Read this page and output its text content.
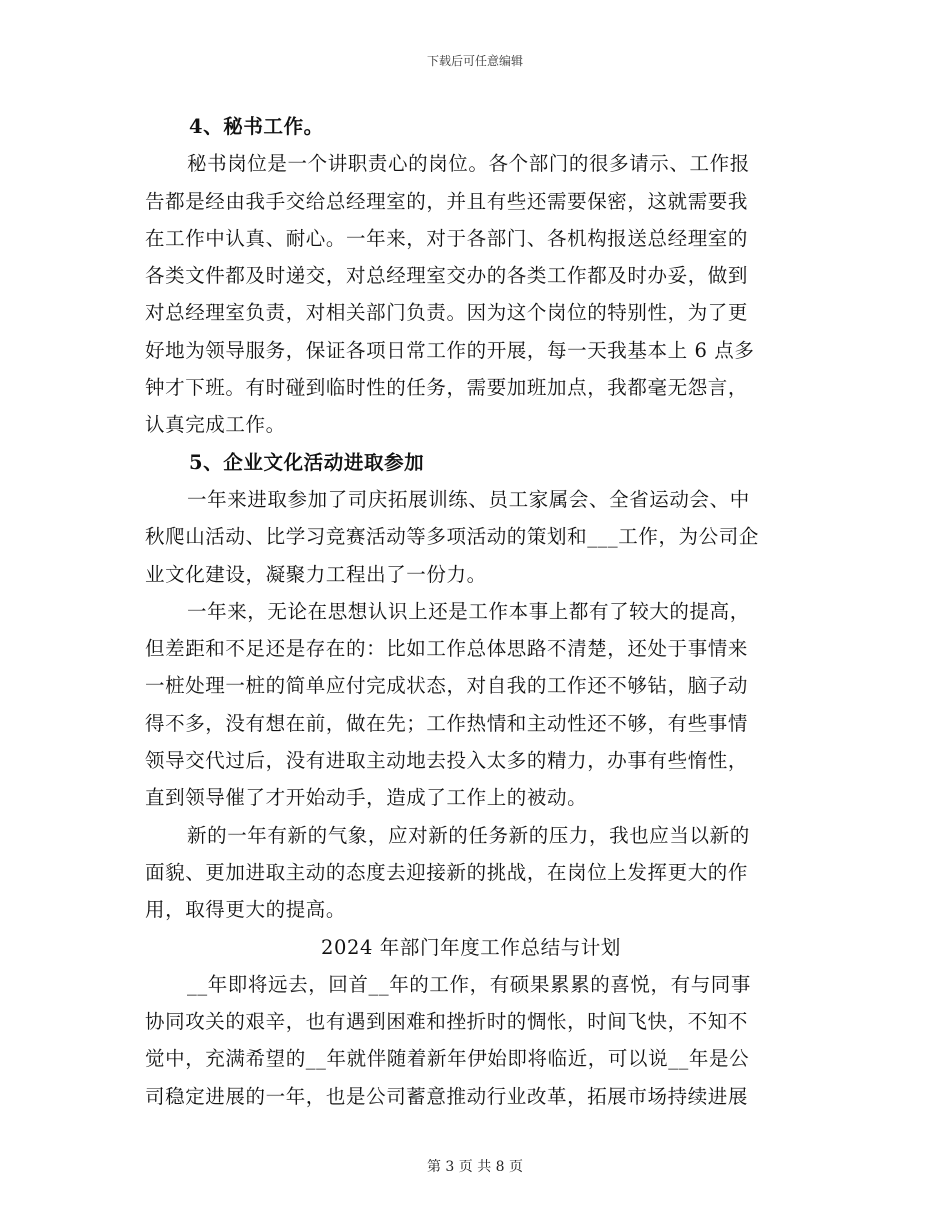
下载后可任意编辑
4、秘书工作。
秘书岗位是一个讲职责心的岗位。各个部门的很多请示、工作报
告都是经由我手交给总经理室的，并且有些还需要保密，这就需要我
在工作中认真、耐心。一年来，对于各部门、各机构报送总经理室的
各类文件都及时递交，对总经理室交办的各类工作都及时办妥，做到
对总经理室负责，对相关部门负责。因为这个岗位的特别性，为了更
好地为领导服务，保证各项日常工作的开展，每一天我基本上 6 点多
钟才下班。有时碰到临时性的任务，需要加班加点，我都毫无怨言，
认真完成工作。
5、企业文化活动进取参加
一年来进取参加了司庆拓展训练、员工家属会、全省运动会、中
秋爬山活动、比学习竞赛活动等多项活动的策划和___工作，为公司企
业文化建设，凝聚力工程出了一份力。
一年来，无论在思想认识上还是工作本事上都有了较大的提高，
但差距和不足还是存在的：比如工作总体思路不清楚，还处于事情来
一桩处理一桩的简单应付完成状态，对自我的工作还不够钻，脑子动
得不多，没有想在前，做在先；工作热情和主动性还不够，有些事情
领导交代过后，没有进取主动地去投入太多的精力，办事有些惰性，
直到领导催了才开始动手，造成了工作上的被动。
新的一年有新的气象，应对新的任务新的压力，我也应当以新的
面貌、更加进取主动的态度去迎接新的挑战，在岗位上发挥更大的作
用，取得更大的提高。
2024 年部门年度工作总结与计划
__年即将远去，回首__年的工作，有硕果累累的喜悦，有与同事
协同攻关的艰辛，也有遇到困难和挫折时的惆怅，时间飞快，不知不
觉中，充满希望的__年就伴随着新年伊始即将临近，可以说__年是公
司稳定进展的一年，也是公司蓄意推动行业改革，拓展市场持续进展
第 3 页 共 8 页
